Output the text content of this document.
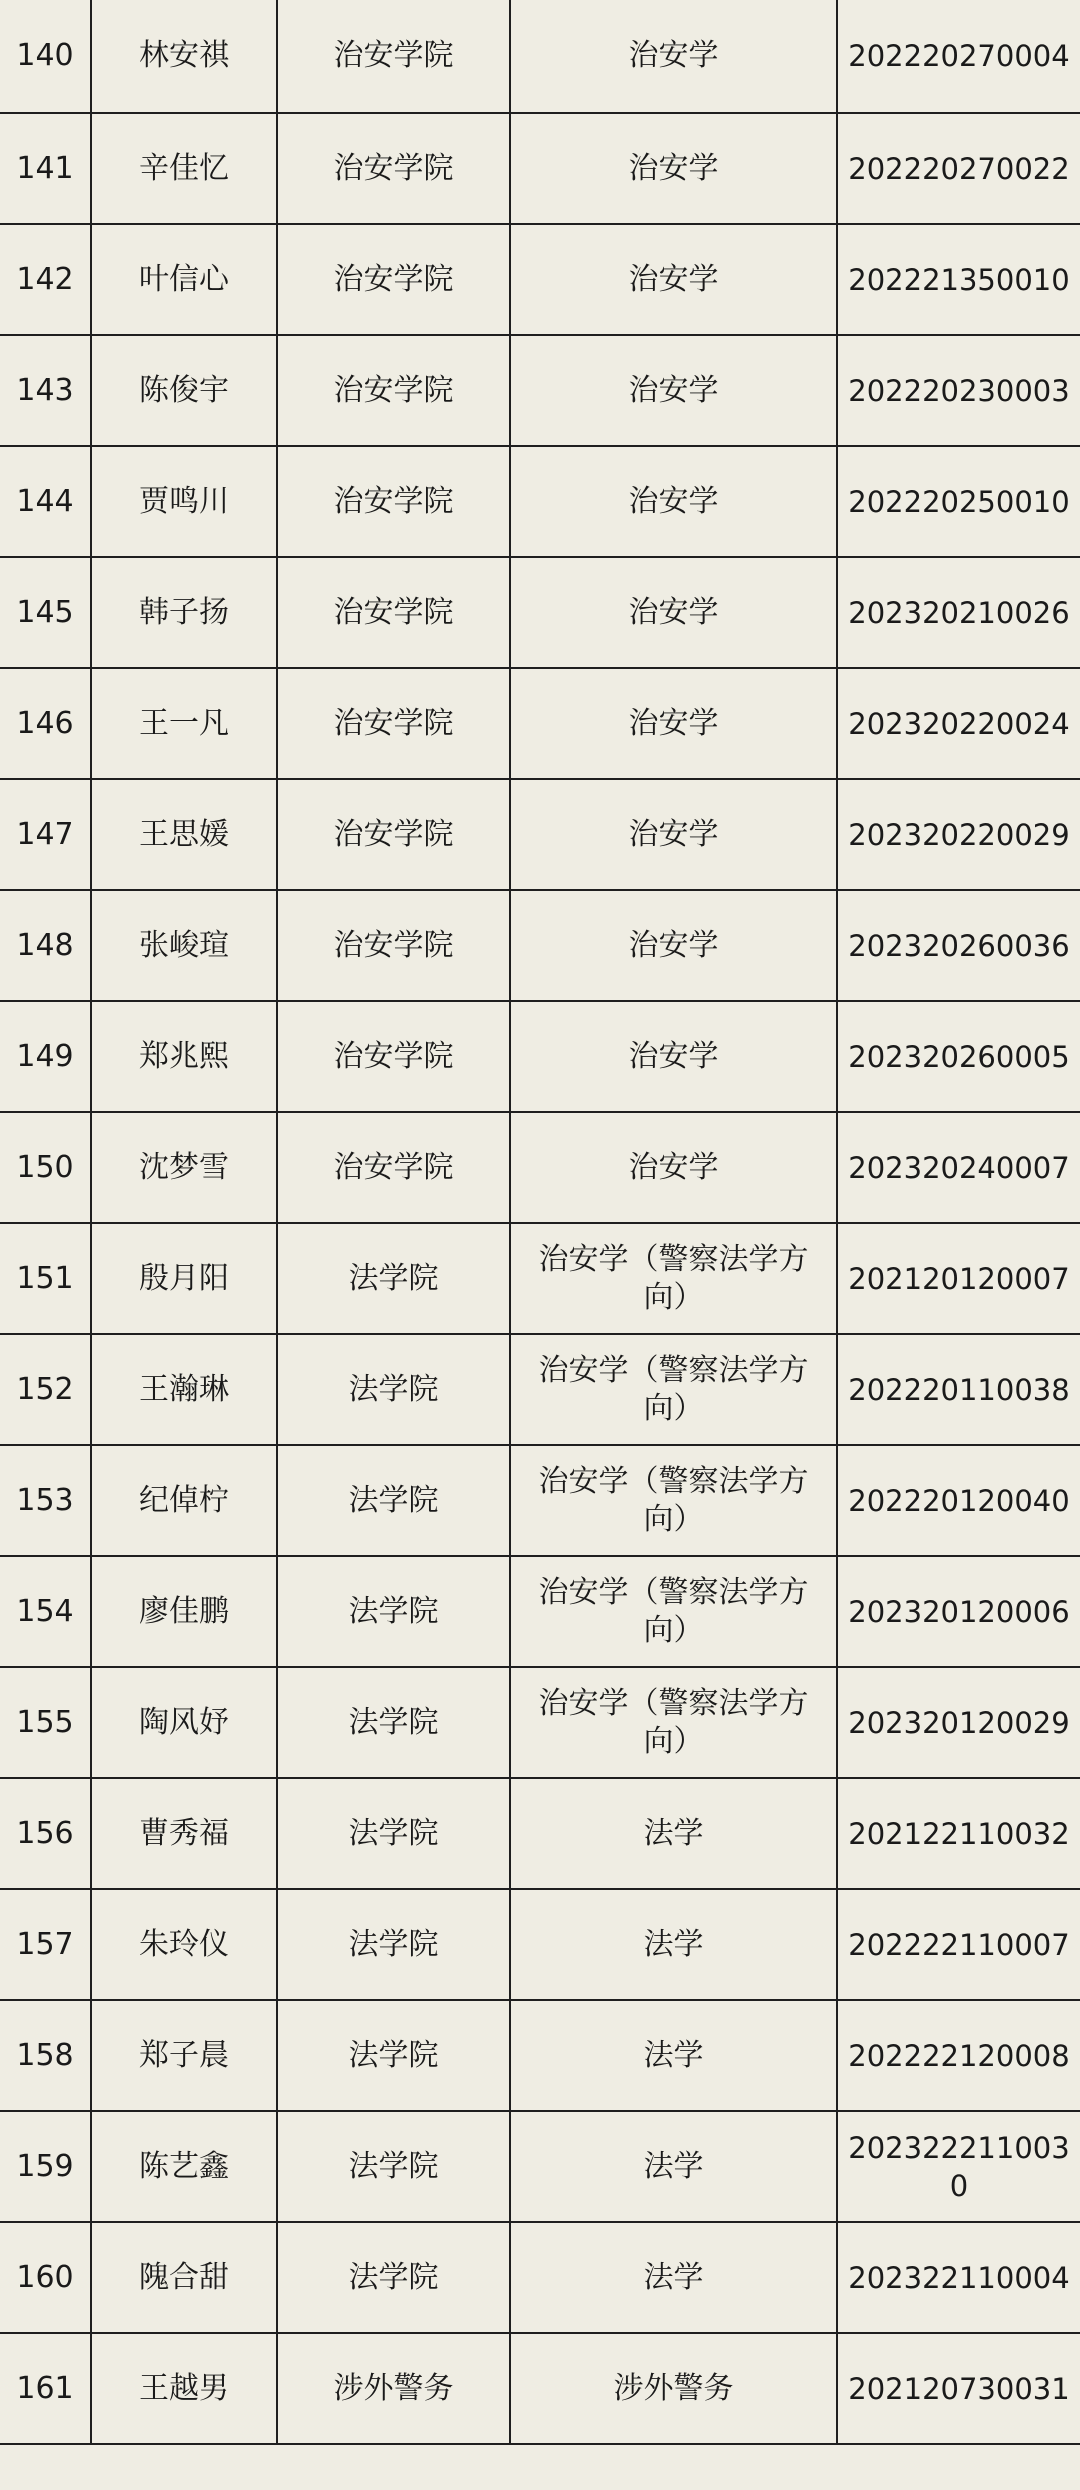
140	林安祺	治安学院	治安学	202220270004
141	辛佳忆	治安学院	治安学	202220270022
142	叶信心	治安学院	治安学	202221350010
143	陈俊宇	治安学院	治安学	202220230003
144	贾鸣川	治安学院	治安学	202220250010
145	韩子扬	治安学院	治安学	202320210026
146	王一凡	治安学院	治安学	202320220024
147	王思媛	治安学院	治安学	202320220029
148	张峻瑄	治安学院	治安学	202320260036
149	郑兆熙	治安学院	治安学	202320260005
150	沈梦雪	治安学院	治安学	202320240007
151	殷月阳	法学院	治安学（警察法学方向）	202120120007
152	王瀚琳	法学院	治安学（警察法学方向）	202220110038
153	纪倬柠	法学院	治安学（警察法学方向）	202220120040
154	廖佳鹏	法学院	治安学（警察法学方向）	202320120006
155	陶风妤	法学院	治安学（警察法学方向）	202320120029
156	曹秀福	法学院	法学	202122110032
157	朱玲仪	法学院	法学	202222110007
158	郑子晨	法学院	法学	202222120008
159	陈艺鑫	法学院	法学	2023222110030
160	隗合甜	法学院	法学	202322110004
161	王越男	涉外警务	涉外警务	202120730031
